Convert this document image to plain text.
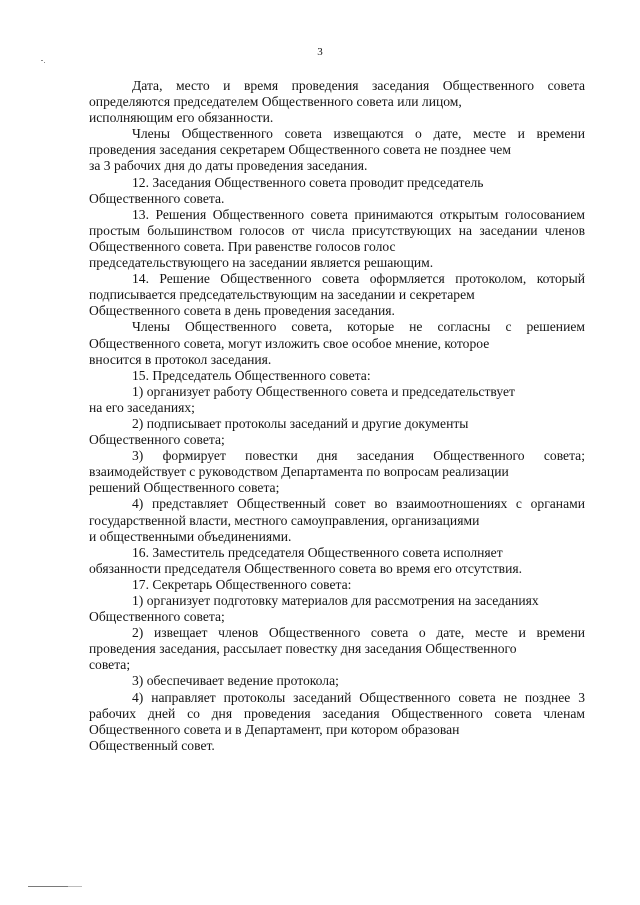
3

Дата, место и время проведения заседания Общественного совета определяются председателем Общественного совета или лицом,
исполняющим его обязанности.

Члены Общественного совета извещаются о дате, месте и времени проведения заседания секретарем Общественного совета не позднее чем
за 3 рабочих дня до даты проведения заседания.

12. Заседания Общественного совета проводит председатель
Общественного совета.

13. Решения Общественного совета принимаются открытым голосованием простым большинством голосов от числа присутствующих на заседании членов Общественного совета. При равенстве голосов голос
председательствующего на заседании является решающим.

14. Решение Общественного совета оформляется протоколом, который подписывается председательствующим на заседании и секретарем
Общественного совета в день проведения заседания.

Члены Общественного совета, которые не согласны с решением Общественного совета, могут изложить свое особое мнение, которое
вносится в протокол заседания.

15. Председатель Общественного совета:

1) организует работу Общественного совета и председательствует
на его заседаниях;

2) подписывает протоколы заседаний и другие документы
Общественного совета;

3) формирует повестки дня заседания Общественного совета; взаимодействует с руководством Департамента по вопросам реализации
решений Общественного совета;

4) представляет Общественный совет во взаимоотношениях с органами государственной власти, местного самоуправления, организациями
и общественными объединениями.

16. Заместитель председателя Общественного совета исполняет
обязанности председателя Общественного совета во время его отсутствия.

17. Секретарь Общественного совета:

1) организует подготовку материалов для рассмотрения на заседаниях
Общественного совета;

2) извещает членов Общественного совета о дате, месте и времени проведения заседания, рассылает повестку дня заседания Общественного
совета;

3) обеспечивает ведение протокола;

4) направляет протоколы заседаний Общественного совета не позднее 3 рабочих дней со дня проведения заседания Общественного совета членам Общественного совета и в Департамент, при котором образован
Общественный совет.
